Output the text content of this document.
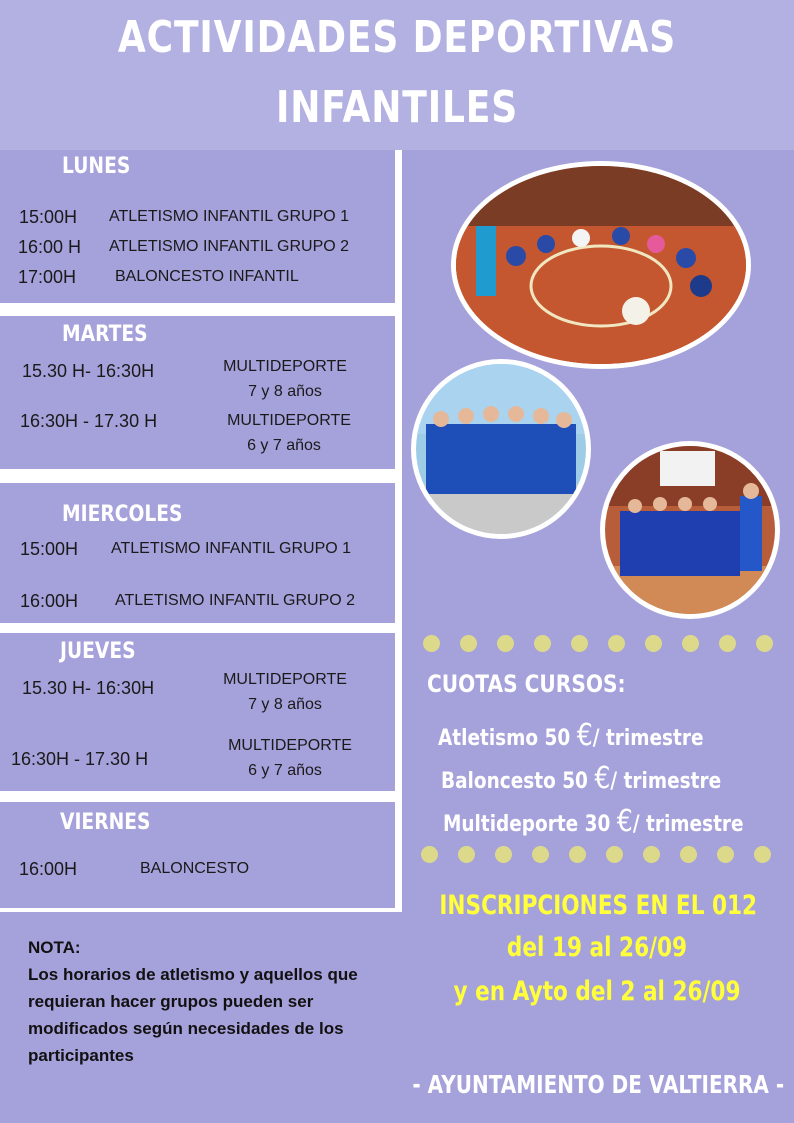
ACTIVIDADES DEPORTIVAS
INFANTILES
LUNES
15:00H ATLETISMO INFANTIL GRUPO 1
16:00 H ATLETISMO INFANTIL GRUPO 2
17:00H BALONCESTO INFANTIL
MARTES
15.30 H- 16:30H	MULTIDEPORTE
7 y 8 años
16:30H - 17.30 H	MULTIDEPORTE
6 y 7 años
MIERCOLES
15:00H ATLETISMO INFANTIL GRUPO 1
16:00H ATLETISMO INFANTIL GRUPO 2
JUEVES
15.30 H- 16:30H	MULTIDEPORTE
7 y 8 años
16:30H - 17.30 H
MULTIDEPORTE
6 y 7 años
VIERNES
16:00H	BALONCESTO
CUOTAS CURSOS:
Atletismo 50 €/ trimestre
Baloncesto 50 €/ trimestre
Multideporte 30 €/ trimestre
INSCRIPCIONES EN EL 012
del 19 al 26/09
y en Ayto del 2 al 26/09
NOTA:
Los horarios de atletismo y aquellos que requieran hacer grupos pueden ser modificados según necesidades de los participantes
- AYUNTAMIENTO DE VALTIERRA -
